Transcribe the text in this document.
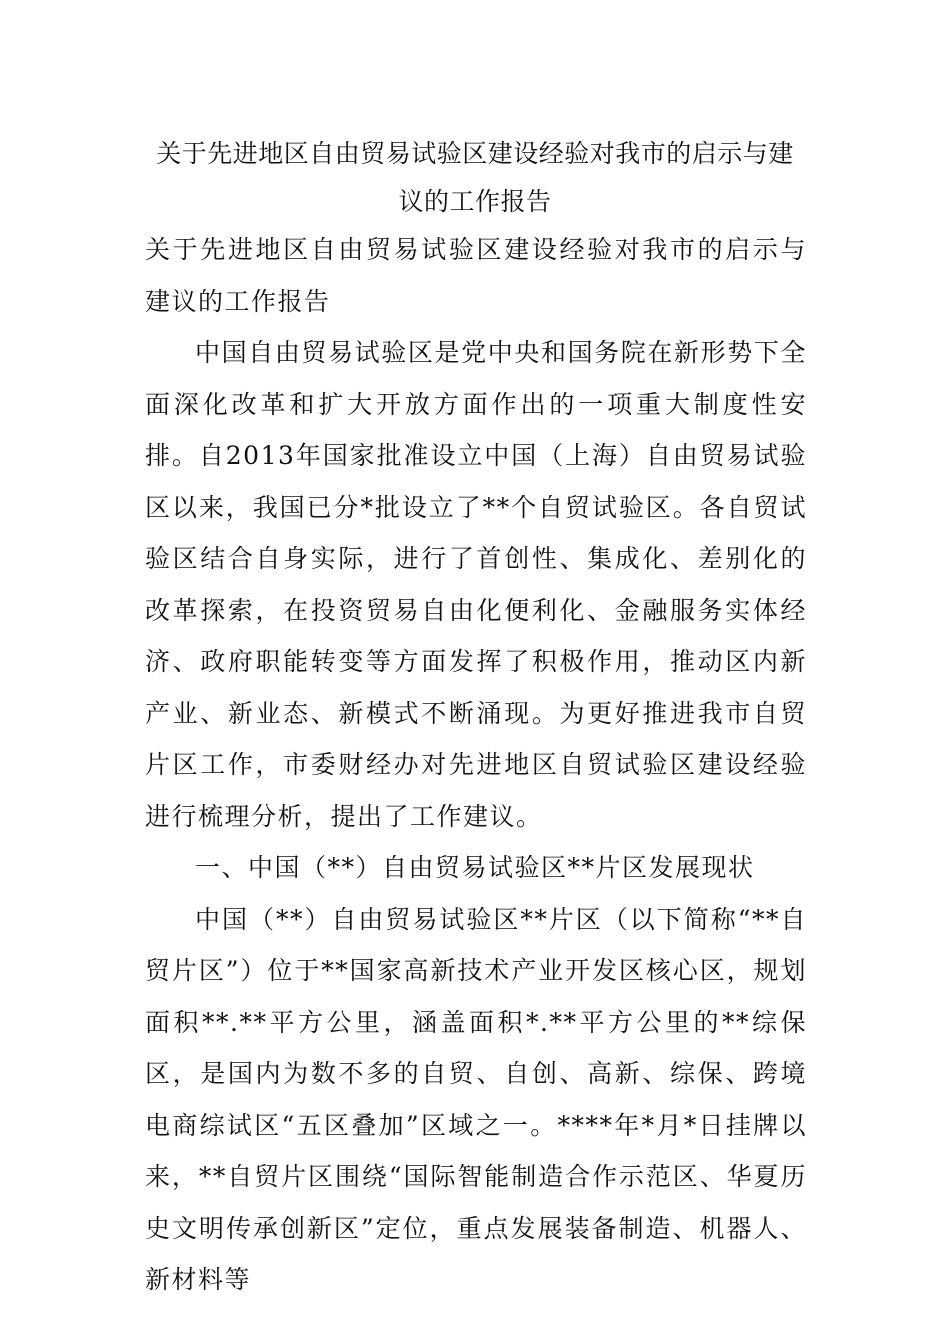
关于先进地区自由贸易试验区建设经验对我市的启示与建
议的工作报告

关于先进地区自由贸易试验区建设经验对我市的启示与建议的工作报告

中国自由贸易试验区是党中央和国务院在新形势下全面深化改革和扩大开放方面作出的一项重大制度性安排。自2013年国家批准设立中国（上海）自由贸易试验区以来，我国已分*批设立了**个自贸试验区。各自贸试验区结合自身实际，进行了首创性、集成化、差别化的改革探索，在投资贸易自由化便利化、金融服务实体经济、政府职能转变等方面发挥了积极作用，推动区内新产业、新业态、新模式不断涌现。为更好推进我市自贸片区工作，市委财经办对先进地区自贸试验区建设经验进行梳理分析，提出了工作建议。

一、中国（**）自由贸易试验区**片区发展现状

中国（**）自由贸易试验区**片区（以下简称“**自贸片区”）位于**国家高新技术产业开发区核心区，规划面积**.**平方公里，涵盖面积*.**平方公里的**综保区，是国内为数不多的自贸、自创、高新、综保、跨境电商综试区“五区叠加”区域之一。****年*月*日挂牌以来，**自贸片区围绕“国际智能制造合作示范区、华夏历史文明传承创新区”定位，重点发展装备制造、机器人、新材料等
